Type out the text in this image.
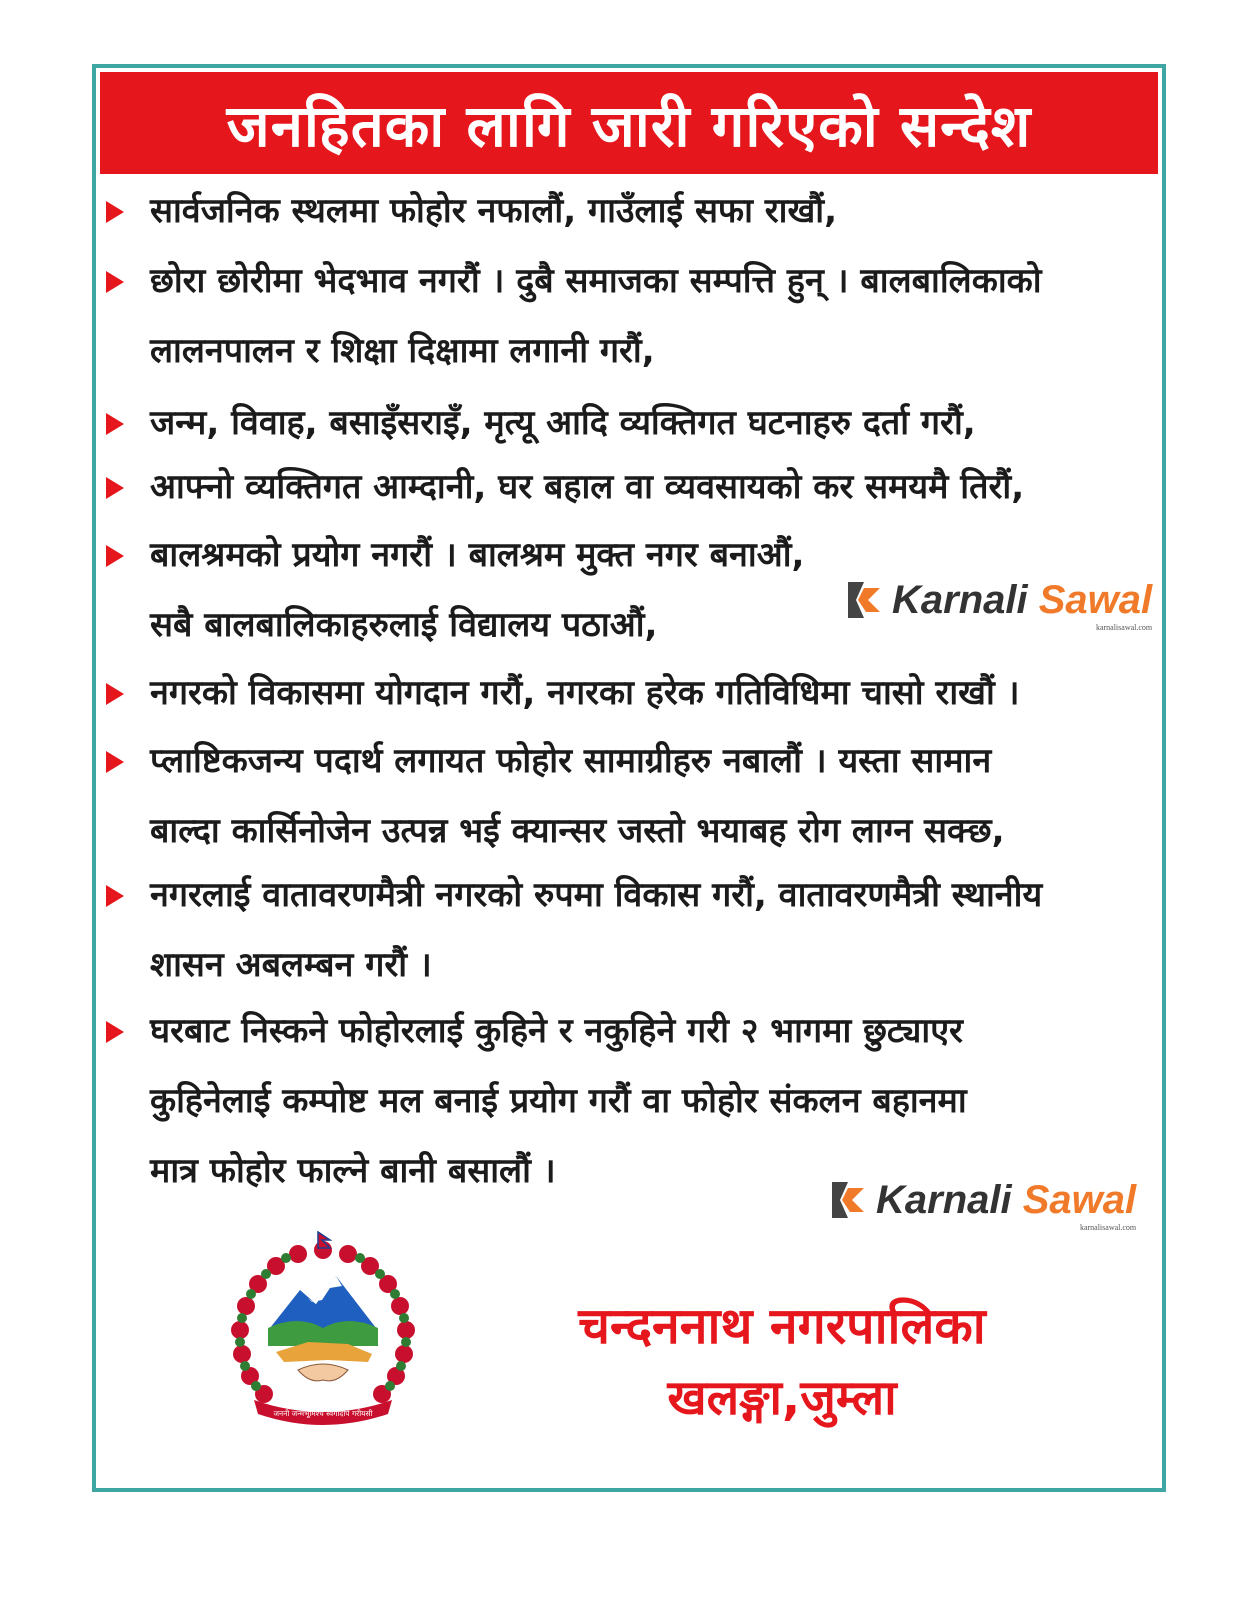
जनहितका लागि जारी गरिएको सन्देश
सार्वजनिक स्थलमा फोहोर नफालौं, गाउँलाई सफा राखौं,
छोरा छोरीमा भेदभाव नगरौं । दुबै समाजका सम्पत्ति हुन् । बालबालिकाको
लालनपालन र शिक्षा दिक्षामा लगानी गरौं,
जन्म, विवाह, बसाइँसराइँ, मृत्यू आदि व्यक्तिगत घटनाहरु दर्ता गरौं,
आफ्नो व्यक्तिगत आम्दानी, घर बहाल वा व्यवसायको कर समयमै तिरौं,
बालश्रमको प्रयोग नगरौं । बालश्रम मुक्त नगर बनाऔं,
सबै बालबालिकाहरुलाई विद्यालय पठाऔं,
नगरको विकासमा योगदान गरौं, नगरका हरेक गतिविधिमा चासो राखौं ।
प्लाष्टिकजन्य पदार्थ लगायत फोहोर सामाग्रीहरु नबालौं । यस्ता सामान
बाल्दा कार्सिनोजेन उत्पन्न भई क्यान्सर जस्तो भयाबह रोग लाग्न सक्छ,
नगरलाई वातावरणमैत्री नगरको रुपमा विकास गरौं, वातावरणमैत्री स्थानीय
शासन अबलम्बन गरौं ।
घरबाट निस्कने फोहोरलाई कुहिने र नकुहिने गरी २ भागमा छुट्याएर
कुहिनेलाई कम्पोष्ट मल बनाई प्रयोग गरौं वा फोहोर संकलन बहानमा
मात्र फोहोर फाल्ने बानी बसालौं ।
Karnali Sawal
karnalisawal.com
Karnali Sawal
karnalisawal.com
जननी जन्मभूमिश्च स्वर्गादपि गरीयसी
चन्दननाथ नगरपालिका
खलङ्गा,जुम्ला
